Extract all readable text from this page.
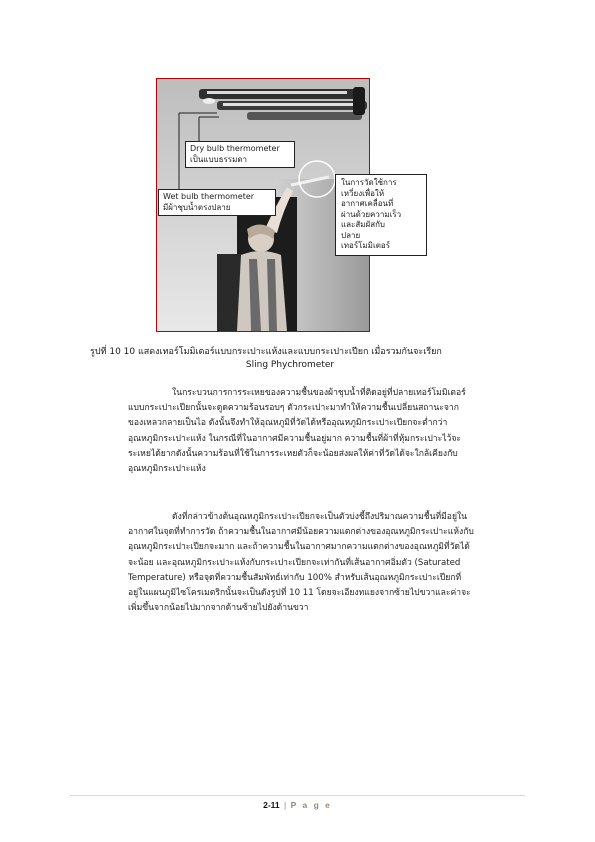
Dry bulb thermometer
เป็นแบบธรรมดา
Wet bulb thermometer
มีผ้าชุบน้ำตรงปลาย
ในการวัดใช้การ
เหวี่ยงเพื่อให้
อากาศเคลื่อนที่
ผ่านด้วยความเร็ว
และสัมผัสกับ
ปลาย
เทอร์โมมิเตอร์
รูปที่ 10 10 แสดงเทอร์โมมิเตอร์แบบกระเปาะแห้งและแบบกระเปาะเปียก เมื่อรวมกันจะเรียก
Sling Phychrometer
ในกระบวนการการระเหยของความชื้นของผ้าชุบน้ำที่ติดอยู่ที่ปลายเทอร์โมมิเตอร์
แบบกระเปาะเปียกนั้นจะดูดความร้อนรอบๆ ตัวกระเปาะมาทำให้ความชื้นเปลี่ยนสถานะจาก
ของเหลวกลายเป็นไอ ดังนั้นจึงทำให้อุณหภูมิที่วัดได้หรืออุณหภูมิกระเปาะเปียกจะต่ำกว่า
อุณหภูมิกระเปาะแห้ง ในกรณีที่ในอากาศมีความชื้นอยู่มาก ความชื้นที่ผ้าที่หุ้มกระเปาะไว้จะ
ระเหยได้ยากดังนั้นความร้อนที่ใช้ในการระเหยตัวก็จะน้อยส่งผลให้ค่าที่วัดได้จะใกล้เคียงกับ
อุณหภูมิกระเปาะแห้ง
ดังที่กล่าวข้างต้นอุณหภูมิกระเปาะเปียกจะเป็นตัวบ่งชี้ถึงปริมาณความชื้นที่มีอยู่ใน
อากาศในจุดที่ทำการวัด ถ้าความชื้นในอากาศมีน้อยความแตกต่างของอุณหภูมิกระเปาะแห้งกับ
อุณหภูมิกระเปาะเปียกจะมาก และถ้าความชื้นในอากาศมากความแตกต่างของอุณหภูมิที่วัดได้
จะน้อย และอุณหภูมิกระเปาะแห้งกับกระเปาะเปียกจะเท่ากันที่เส้นอากาศอิ่มตัว (Saturated
Temperature) หรือจุดที่ความชื้นสัมพัทธ์เท่ากับ 100% สำหรับเส้นอุณหภูมิกระเปาะเปียกที่
อยู่ในแผนภูมิไซโครเมตริกนั้นจะเป็นดังรูปที่ 10 11 โดยจะเอียงทแยงจากซ้ายไปขวาและค่าจะ
เพิ่มขึ้นจากน้อยไปมากจากด้านซ้ายไปยังด้านขวา
2-11 | P a g e
